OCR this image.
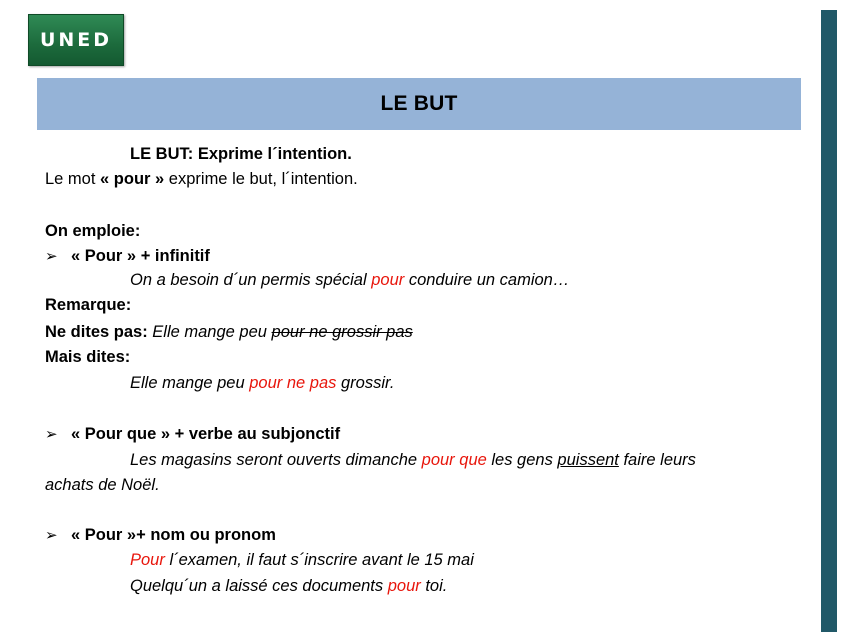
UNED
LE BUT
LE BUT: Exprime l´intention.
Le mot « pour » exprime le but, l´intention.
On emploie:
➢ « Pour » + infinitif
On a besoin d´un permis spécial pour conduire un camion…
Remarque:
Ne dites pas: Elle mange peu pour ne grossir pas
Mais dites:
Elle mange peu pour ne pas grossir.
➢ « Pour que » + verbe au subjonctif
Les magasins seront ouverts dimanche pour que les gens puissent faire leurs
achats de Noël.
➢ « Pour »+ nom ou pronom
Pour l´examen, il faut s´inscrire avant le 15 mai
Quelqu´un a laissé ces documents pour toi.
